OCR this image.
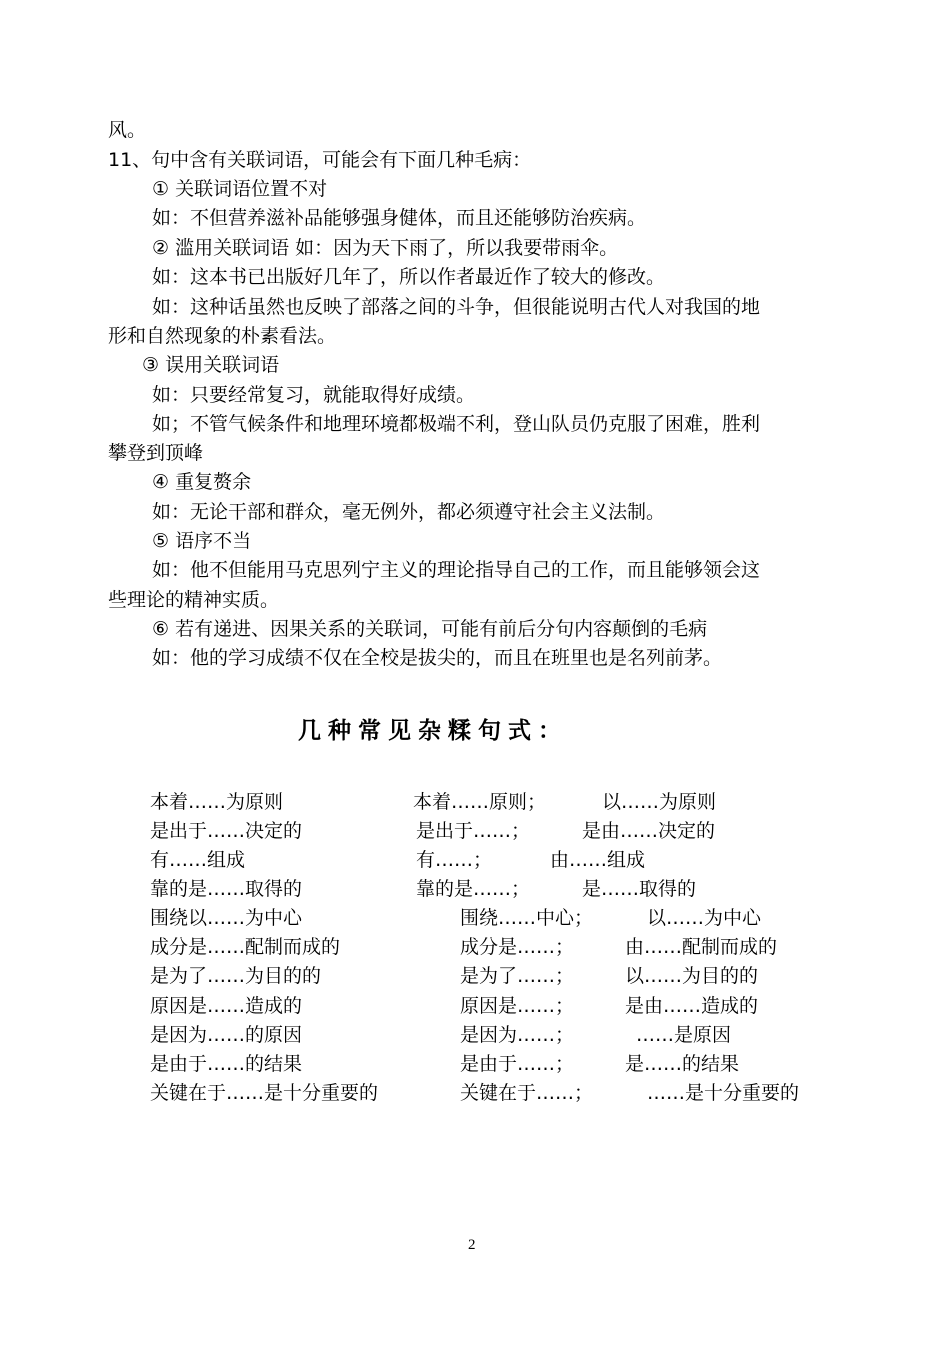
风。
11、句中含有关联词语，可能会有下面几种毛病：
① 关联词语位置不对
如：不但营养滋补品能够强身健体，而且还能够防治疾病。
② 滥用关联词语 如：因为天下雨了，所以我要带雨伞。
如：这本书已出版好几年了，所以作者最近作了较大的修改。
如：这种话虽然也反映了部落之间的斗争，但很能说明古代人对我国的地
形和自然现象的朴素看法。
③ 误用关联词语
如：只要经常复习，就能取得好成绩。
如；不管气候条件和地理环境都极端不利，登山队员仍克服了困难，胜利
攀登到顶峰
④ 重复赘余
如：无论干部和群众，毫无例外，都必须遵守社会主义法制。
⑤ 语序不当
如：他不但能用马克思列宁主义的理论指导自己的工作，而且能够领会这
些理论的精神实质。
⑥ 若有递进、因果关系的关联词，可能有前后分句内容颠倒的毛病
如：他的学习成绩不仅在全校是拔尖的，而且在班里也是名列前茅。
几种常见杂糅句式：
本着……为原则	本着……原则；	以……为原则
是出于……决定的	是出于……；	是由……决定的
有……组成	有……；	由……组成
靠的是……取得的	靠的是……；	是……取得的
围绕以……为中心	围绕……中心；	以……为中心
成分是……配制而成的	成分是……；	由……配制而成的
是为了……为目的的	是为了……；	以……为目的的
原因是……造成的	原因是……；	是由……造成的
是因为……的原因	是因为……；	……是原因
是由于……的结果	是由于……；	是……的结果
关键在于……是十分重要的	关键在于……；	……是十分重要的
2
